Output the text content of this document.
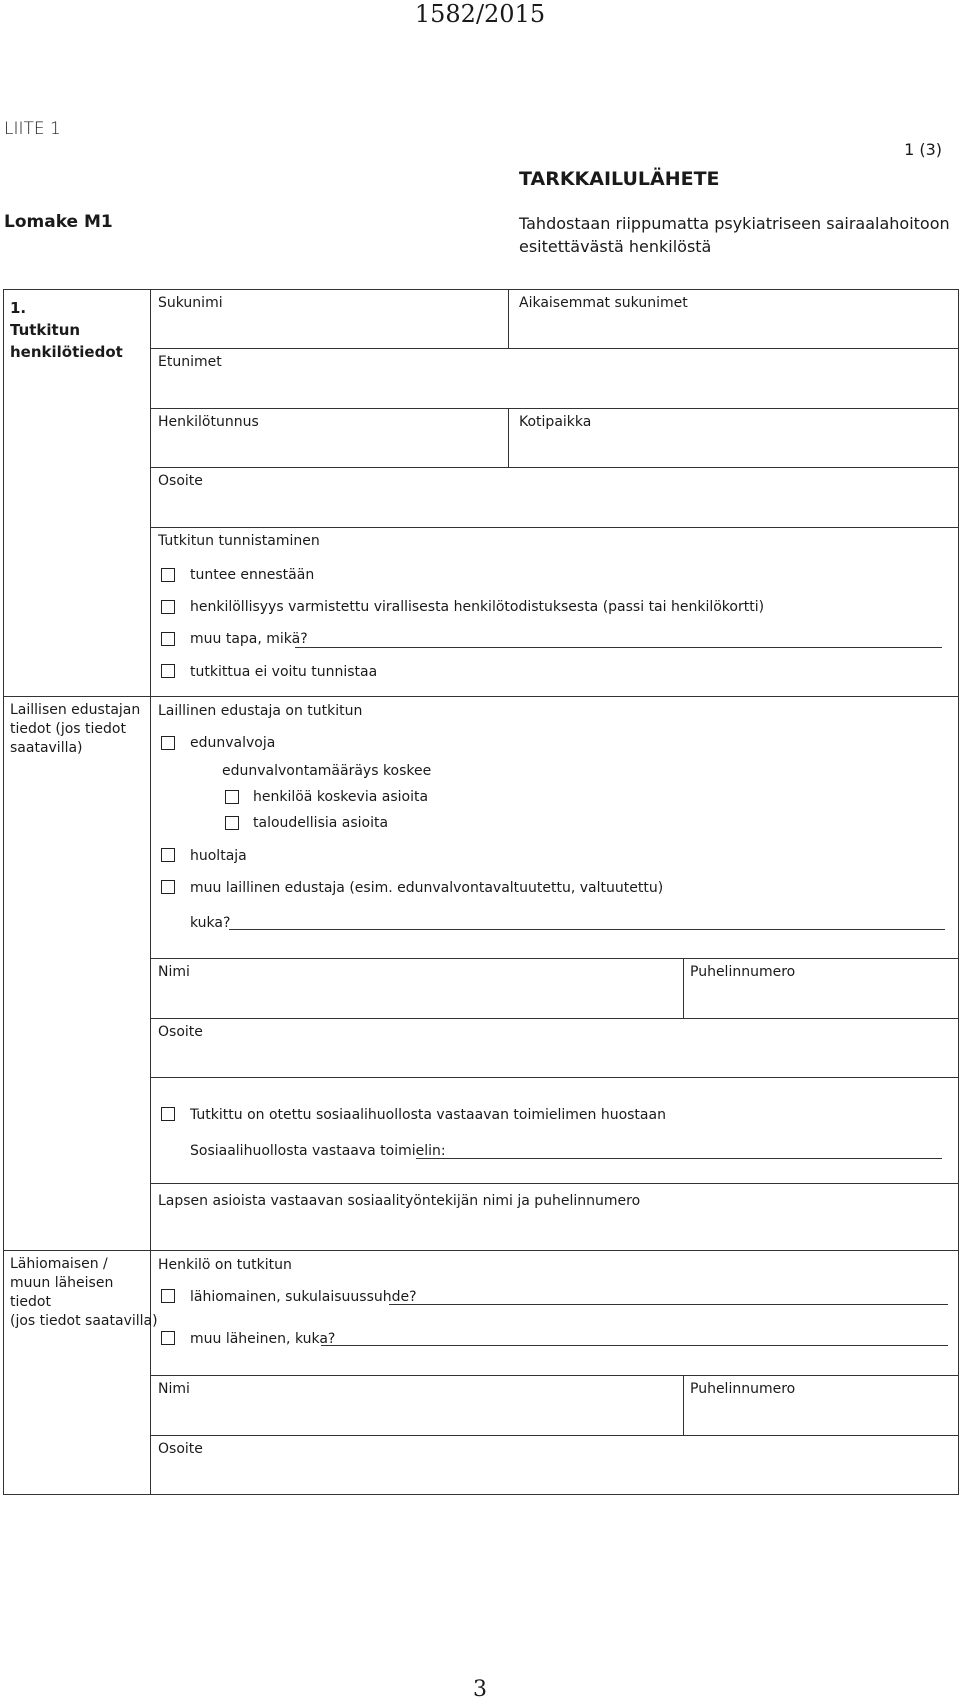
1582/2015
LIITE 1
1 (3)
TARKKAILULÄHETE
Lomake M1	Tahdostaan riippumatta psykiatriseen sairaalahoitoon
esitettävästä henkilöstä
1.
Tutkitun
henkilötiedot
Sukunimi	Aikaisemmat sukunimet
Etunimet
Henkilötunnus	Kotipaikka
Osoite
Tutkitun tunnistaminen
tuntee ennestään
henkilöllisyys varmistettu virallisesta henkilötodistuksesta (passi tai henkilökortti)
muu tapa, mikä?
tutkittua ei voitu tunnistaa
Laillisen edustajan
tiedot (jos tiedot
saatavilla)
Laillinen edustaja on tutkitun
edunvalvoja
edunvalvontamääräys koskee
henkilöä koskevia asioita
taloudellisia asioita
huoltaja
muu laillinen edustaja (esim. edunvalvontavaltuutettu, valtuutettu)
kuka?
Nimi	Puhelinnumero
Osoite
Tutkittu on otettu sosiaalihuollosta vastaavan toimielimen huostaan
Sosiaalihuollosta vastaava toimielin:
Lapsen asioista vastaavan sosiaalityöntekijän nimi ja puhelinnumero
Lähiomaisen /
muun läheisen
tiedot
(jos tiedot saatavilla)
Henkilö on tutkitun
lähiomainen, sukulaisuussuhde?
muu läheinen, kuka?
Nimi	Puhelinnumero
Osoite
3
